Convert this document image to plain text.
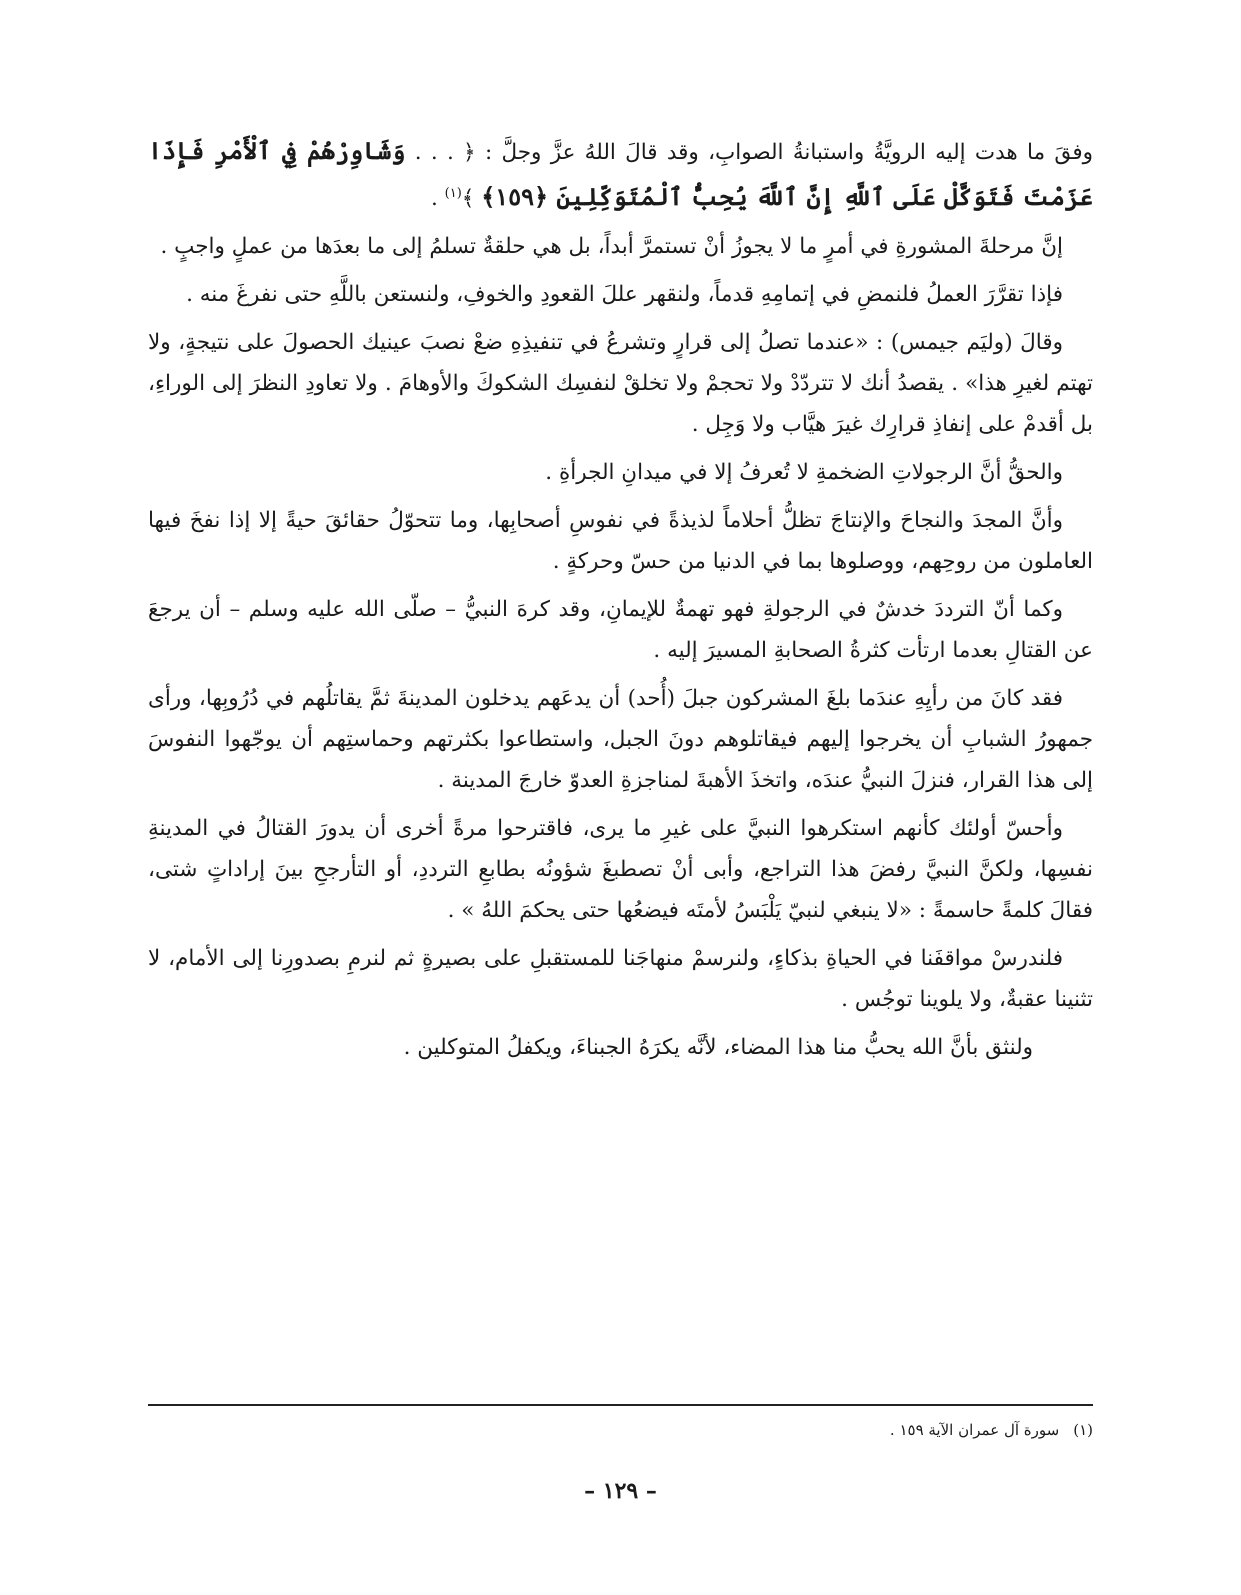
وفقَ ما هدت إليه الرويَّةُ واستبانةُ الصوابِ، وقد قالَ اللهُ عزَّ وجلَّ : ﴿ . . . وَشَاوِرْهُمْ فِي ٱلْأَمْرِ فَإِذَا عَزَمْتَ فَتَوَكَّلْ عَلَى ٱللَّهِ إِنَّ ٱللَّهَ يُحِبُّ ٱلْمُتَوَكِّلِينَ ﴿١٥٩﴾ ﴾$^{(١)}$ .

إنَّ مرحلةَ المشورةِ في أمرٍ ما لا يجوزُ أنْ تستمرَّ أبداً، بل هي حلقةٌ تسلمُ إلى ما بعدَها من عملٍ واجبٍ .

فإذا تقرَّرَ العملُ فلنمضِ في إتمامِهِ قدماً، ولنقهر عللَ القعودِ والخوفِ، ولنستعن باللَّهِ حتى نفرغَ منه .

وقالَ (وليَم جيمس) : «عندما تصلُ إلى قرارٍ وتشرعُ في تنفيذِهِ ضعْ نصبَ عينيك الحصولَ على نتيجةٍ، ولا تهتم لغيرِ هذا» . يقصدُ أنك لا تتردّدْ ولا تحجمْ ولا تخلقْ لنفسِك الشكوكَ والأوهامَ . ولا تعاودِ النظرَ إلى الوراءِ، بل أقدمْ على إنفاذِ قرارِك غيرَ هيَّاب ولا وَجِل .

والحقُّ أنَّ الرجولاتِ الضخمةِ لا تُعرفُ إلا في ميدانِ الجرأةِ .

وأنَّ المجدَ والنجاحَ والإنتاجَ تظلُّ أحلاماً لذيذةً في نفوسِ أصحابِها، وما تتحوّلُ حقائقَ حيةً إلا إذا نفخَ فيها العاملون من روحِهم، ووصلوها بما في الدنيا من حسّ وحركةٍ .

وكما أنّ الترددَ خدشٌ في الرجولةِ فهو تهمةٌ للإيمانِ، وقد كرهَ النبيُّ – صلّى الله عليه وسلم – أن يرجعَ عن القتالِ بعدما ارتأت كثرةُ الصحابةِ المسيرَ إليه .

فقد كانَ من رأيِهِ عندَما بلغَ المشركون جبلَ (أُحد) أن يدعَهم يدخلون المدينةَ ثمَّ يقاتلُهم في دُرُوبِها، ورأى جمهورُ الشبابِ أن يخرجوا إليهم فيقاتلوهم دونَ الجبل، واستطاعوا بكثرتهم وحماستِهم أن يوجّهوا النفوسَ إلى هذا القرار، فنزلَ النبيُّ عندَه، واتخذَ الأهبةَ لمناجزةِ العدوّ خارجَ المدينة .

وأحسّ أولئك كأنهم استكرهوا النبيَّ على غيرِ ما يرى، فاقترحوا مرةً أخرى أن يدورَ القتالُ في المدينةِ نفسِها، ولكنَّ النبيَّ رفضَ هذا التراجع، وأبى أنْ تصطبغَ شؤونُه بطابعِ الترددِ، أو التأرجحِ بينَ إراداتٍ شتى، فقالَ كلمةً حاسمةً : «لا ينبغي لنبيّ يَلْبَسُ لأمتَه فيضعُها حتى يحكمَ اللهُ » .

فلندرسْ مواقفَنا في الحياةِ بذكاءٍ، ولنرسمْ منهاجَنا للمستقبلِ على بصيرةٍ ثم لنرمِ بصدورِنا إلى الأمام، لا تثنينا عقبةٌ، ولا يلوينا توجُس .

ولنثق بأنَّ الله يحبُّ منا هذا المضاء، لأنَّه يكرَهُ الجبناءَ، ويكفلُ المتوكلين .

(١)سورة آل عمران الآية ١٥٩ .
– ١٢٩ –
